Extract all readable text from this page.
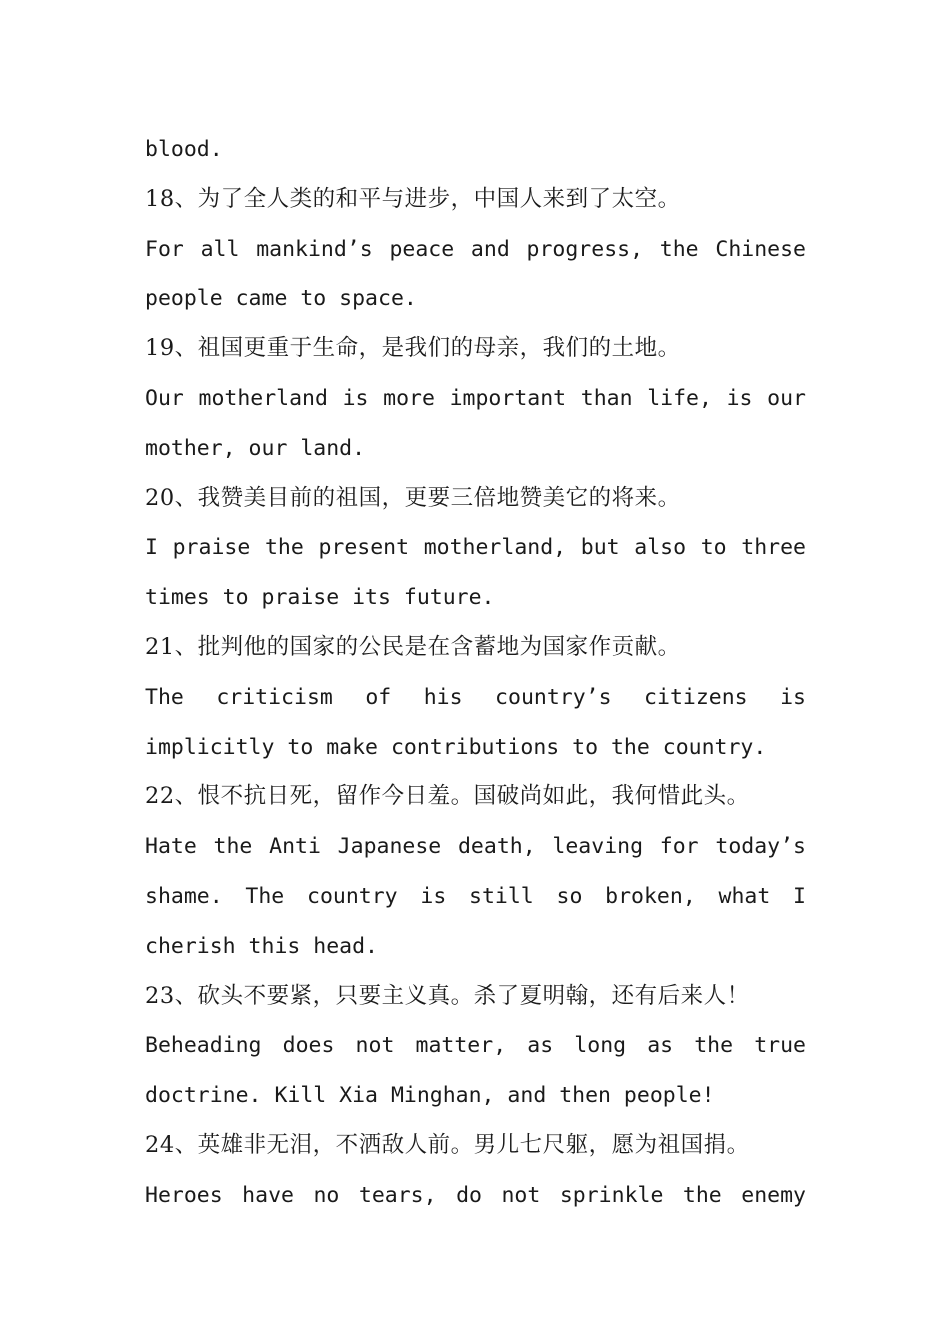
blood.
18、为了全人类的和平与进步，中国人来到了太空。
For all mankind’s peace and progress, the Chinese
people came to space.
19、祖国更重于生命，是我们的母亲，我们的土地。
Our motherland is more important than life, is our
mother, our land.
20、我赞美目前的祖国，更要三倍地赞美它的将来。
I praise the present motherland, but also to three
times to praise its future.
21、批判他的国家的公民是在含蓄地为国家作贡献。
The criticism of his country’s citizens is
implicitly to make contributions to the country.
22、恨不抗日死，留作今日羞。国破尚如此，我何惜此头。
Hate the Anti Japanese death, leaving for today’s
shame. The country is still so broken, what I
cherish this head.
23、砍头不要紧，只要主义真。杀了夏明翰，还有后来人！
Beheading does not matter, as long as the true
doctrine. Kill Xia Minghan, and then people!
24、英雄非无泪，不洒敌人前。男儿七尺躯，愿为祖国捐。
Heroes have no tears, do not sprinkle the enemy
